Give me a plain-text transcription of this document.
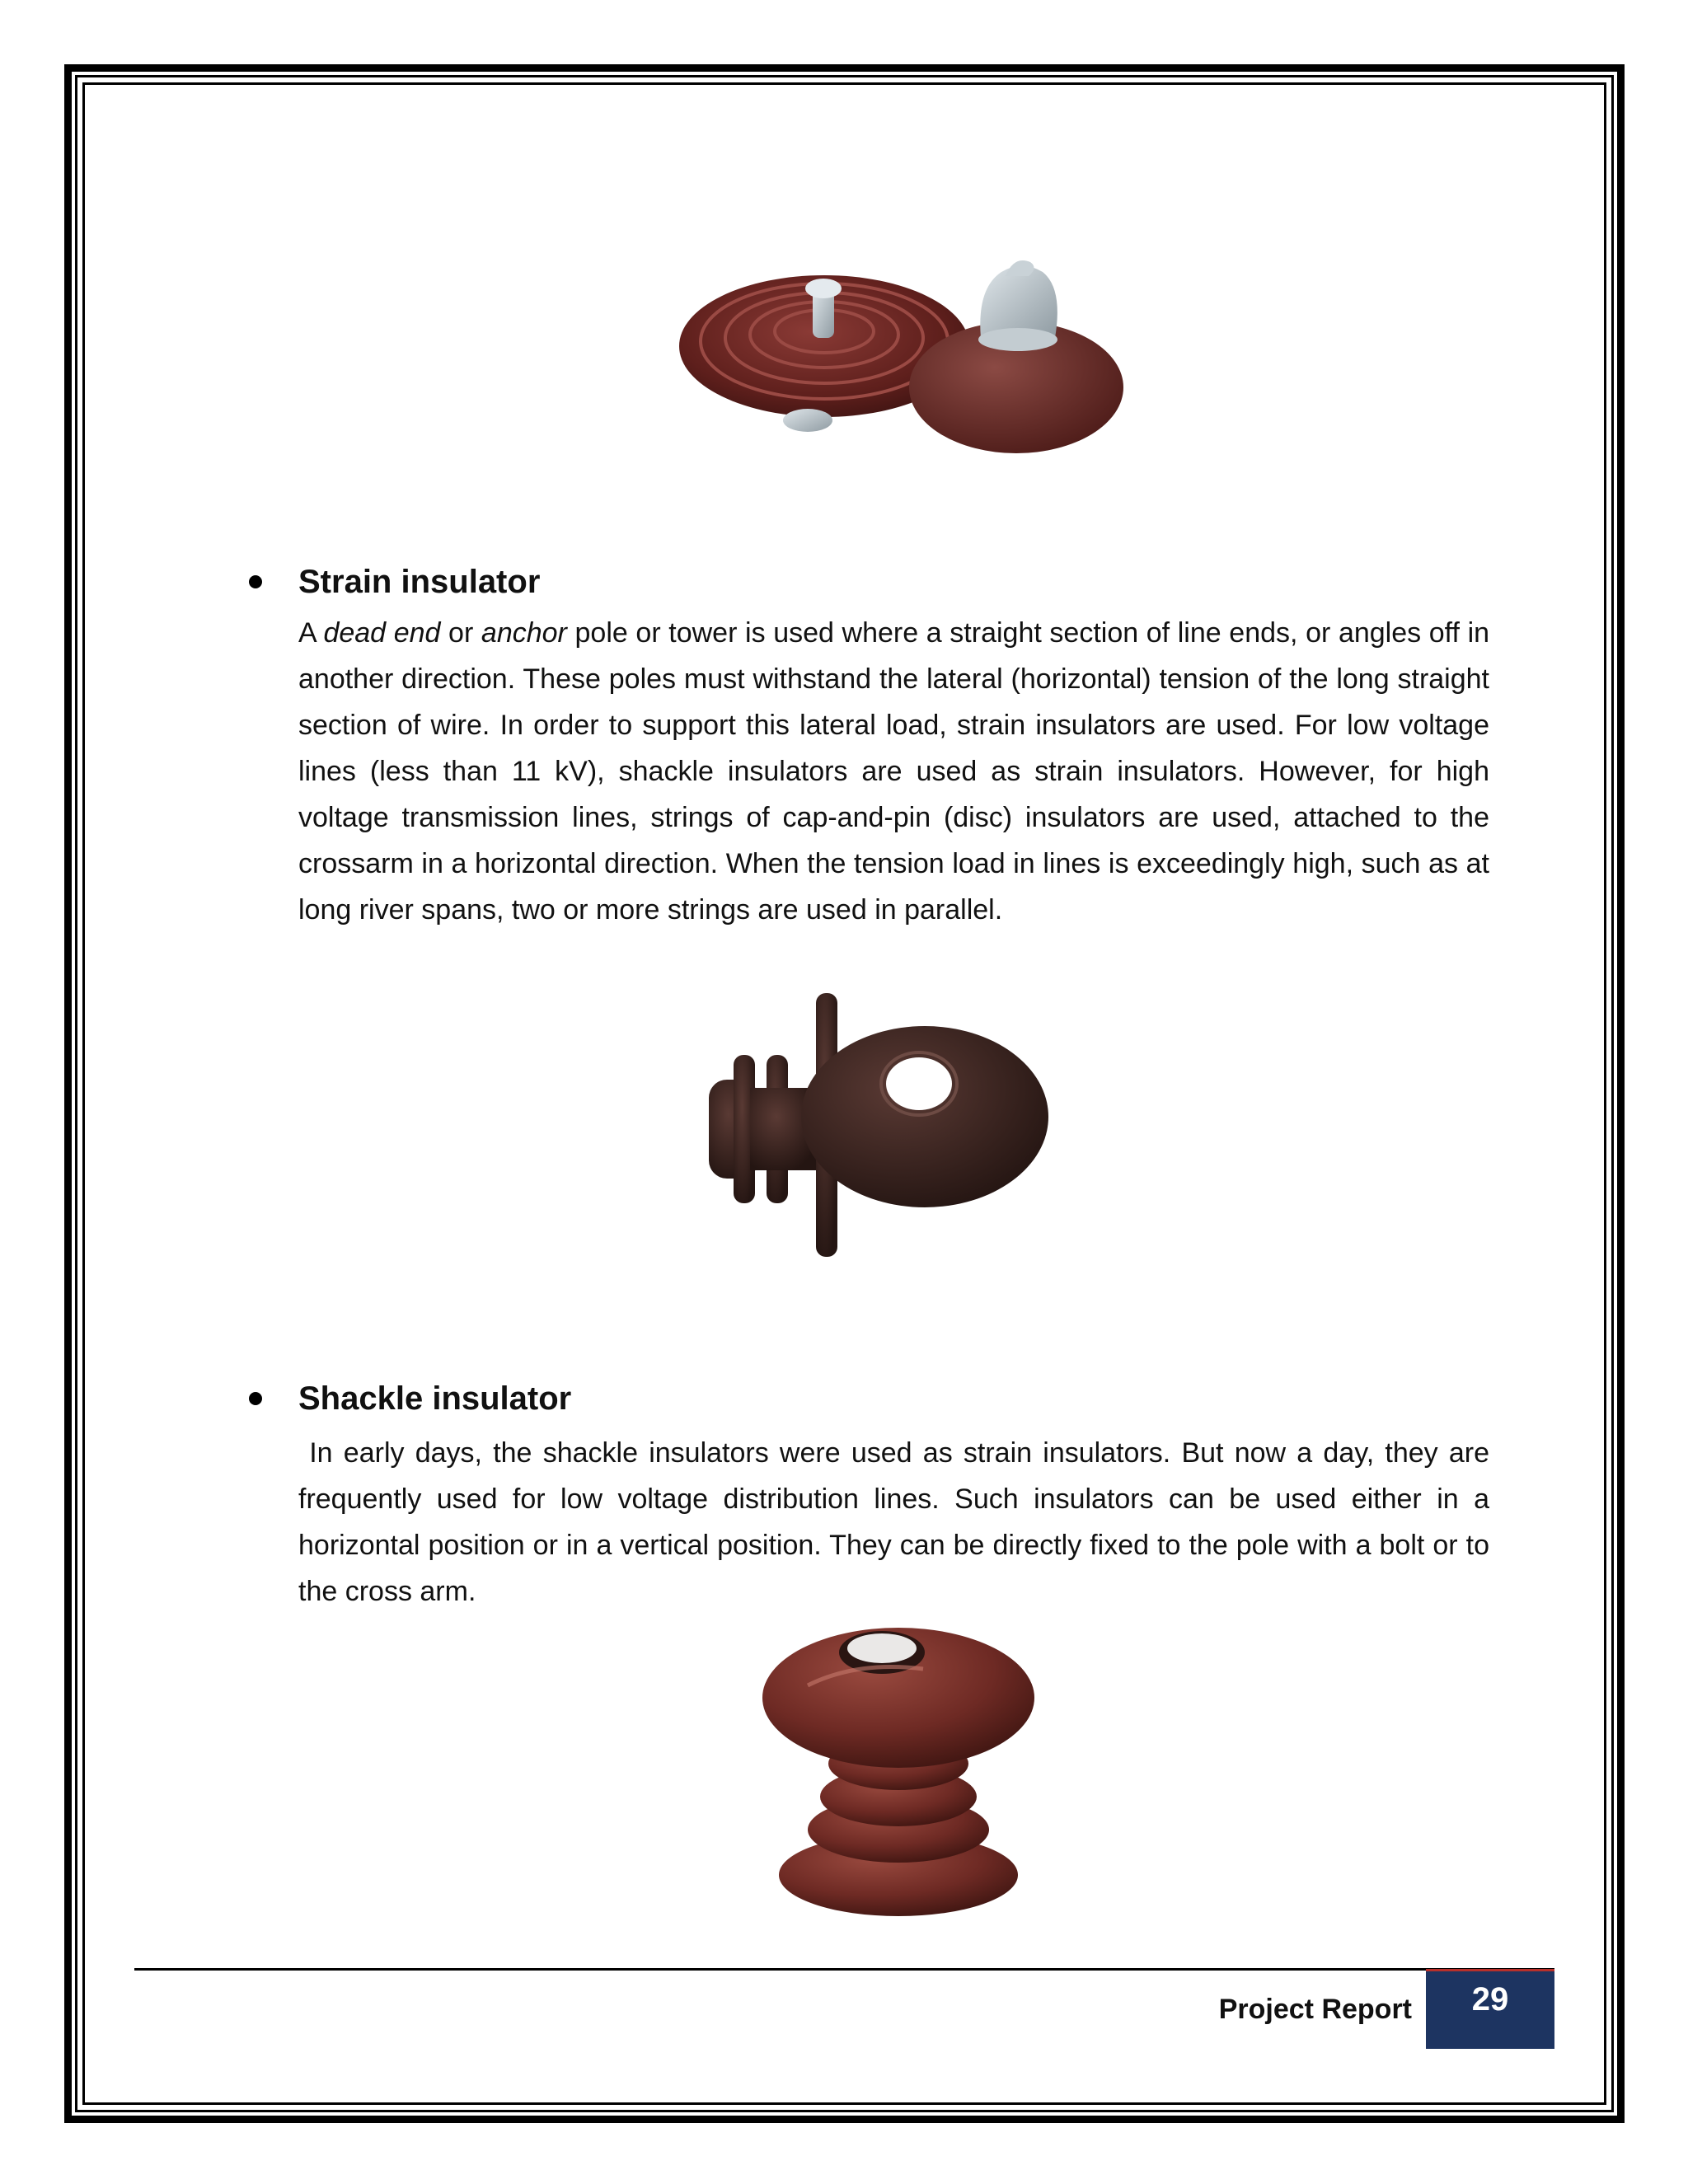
Strain insulator
A dead end or anchor pole or tower is used where a straight section of line ends, or angles off in another direction. These poles must withstand the lateral (horizontal) tension of the long straight section of wire. In order to support this lateral load, strain insulators are used. For low voltage lines (less than 11 kV), shackle insulators are used as strain insulators. However, for high voltage transmission lines, strings of cap-and-pin (disc) insulators are used, attached to the crossarm in a horizontal direction. When the tension load in lines is exceedingly high, such as at long river spans, two or more strings are used in parallel.
Shackle insulator
In early days, the shackle insulators were used as strain insulators. But now a day, they are frequently used for low voltage distribution lines. Such insulators can be used either in a horizontal position or in a vertical position. They can be directly fixed to the pole with a bolt or to the cross arm.
Project Report	29
